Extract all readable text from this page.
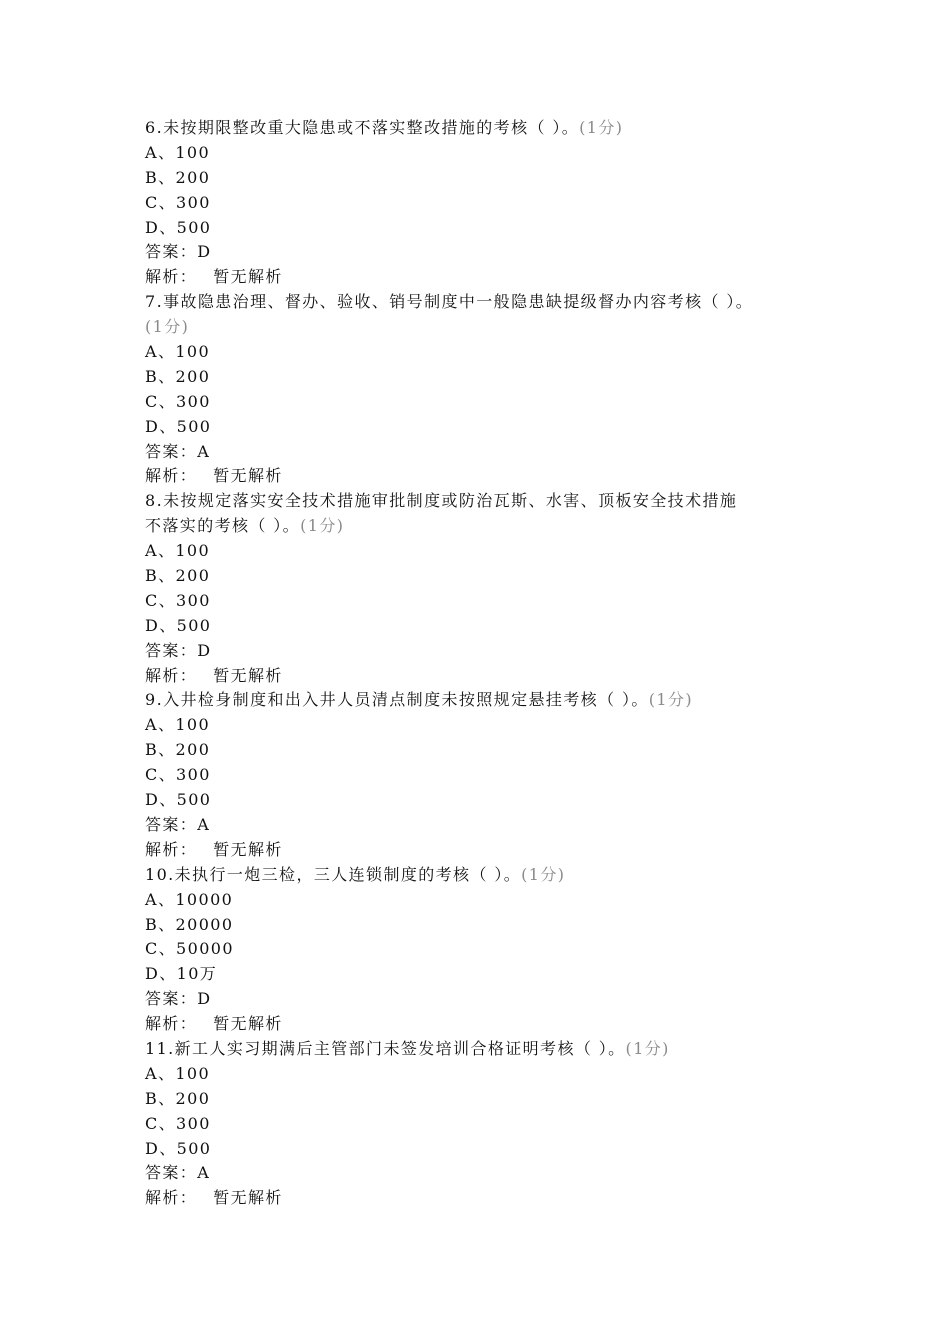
6.未按期限整改重大隐患或不落实整改措施的考核（ ）。(1分)
A、100
B、200
C、300
D、500
答案：D
解析： 暂无解析
7.事故隐患治理、督办、验收、销号制度中一般隐患缺提级督办内容考核（ ）。
(1分)
A、100
B、200
C、300
D、500
答案：A
解析： 暂无解析
8.未按规定落实安全技术措施审批制度或防治瓦斯、水害、顶板安全技术措施
不落实的考核（ ）。(1分)
A、100
B、200
C、300
D、500
答案：D
解析： 暂无解析
9.入井检身制度和出入井人员清点制度未按照规定悬挂考核（ ）。(1分)
A、100
B、200
C、300
D、500
答案：A
解析： 暂无解析
10.未执行一炮三检，三人连锁制度的考核（ ）。(1分)
A、10000
B、20000
C、50000
D、10万
答案：D
解析： 暂无解析
11.新工人实习期满后主管部门未签发培训合格证明考核（ ）。(1分)
A、100
B、200
C、300
D、500
答案：A
解析： 暂无解析
